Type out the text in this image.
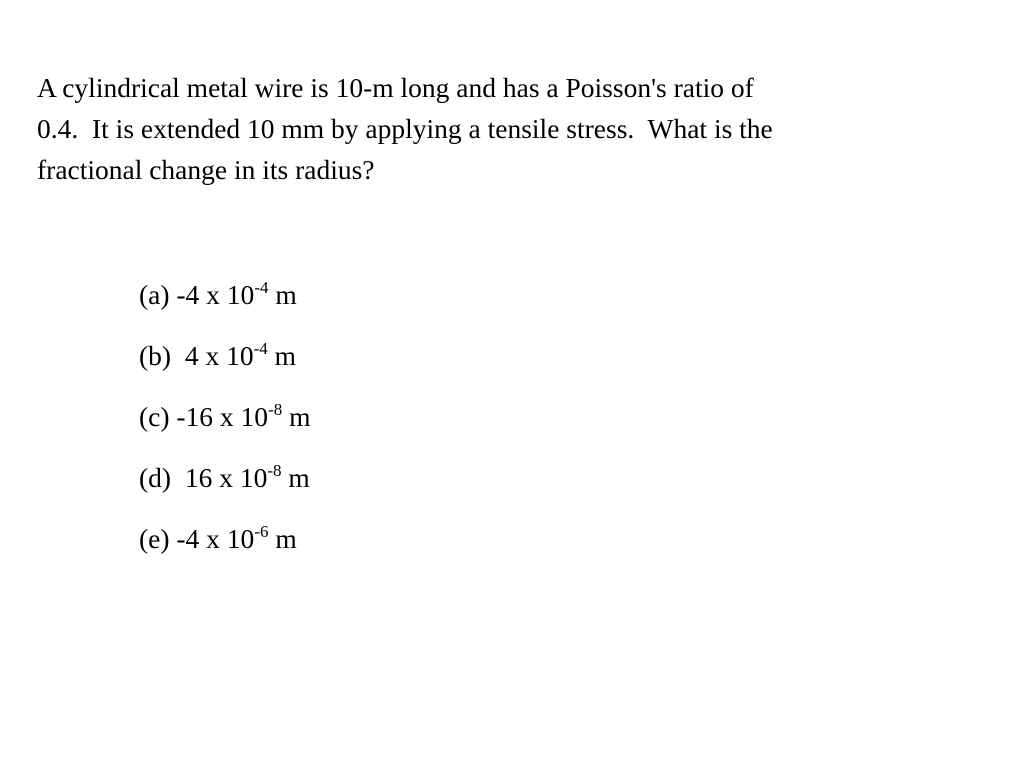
A cylindrical metal wire is 10-m long and has a Poisson's ratio of
0.4.  It is extended 10 mm by applying a tensile stress.  What is the
fractional change in its radius?
(a) -4 x $10^{-4}$ m
(b)  4 x $10^{-4}$ m
(c) -16 x $10^{-8}$ m
(d)  16 x $10^{-8}$ m
(e) -4 x $10^{-6}$ m
